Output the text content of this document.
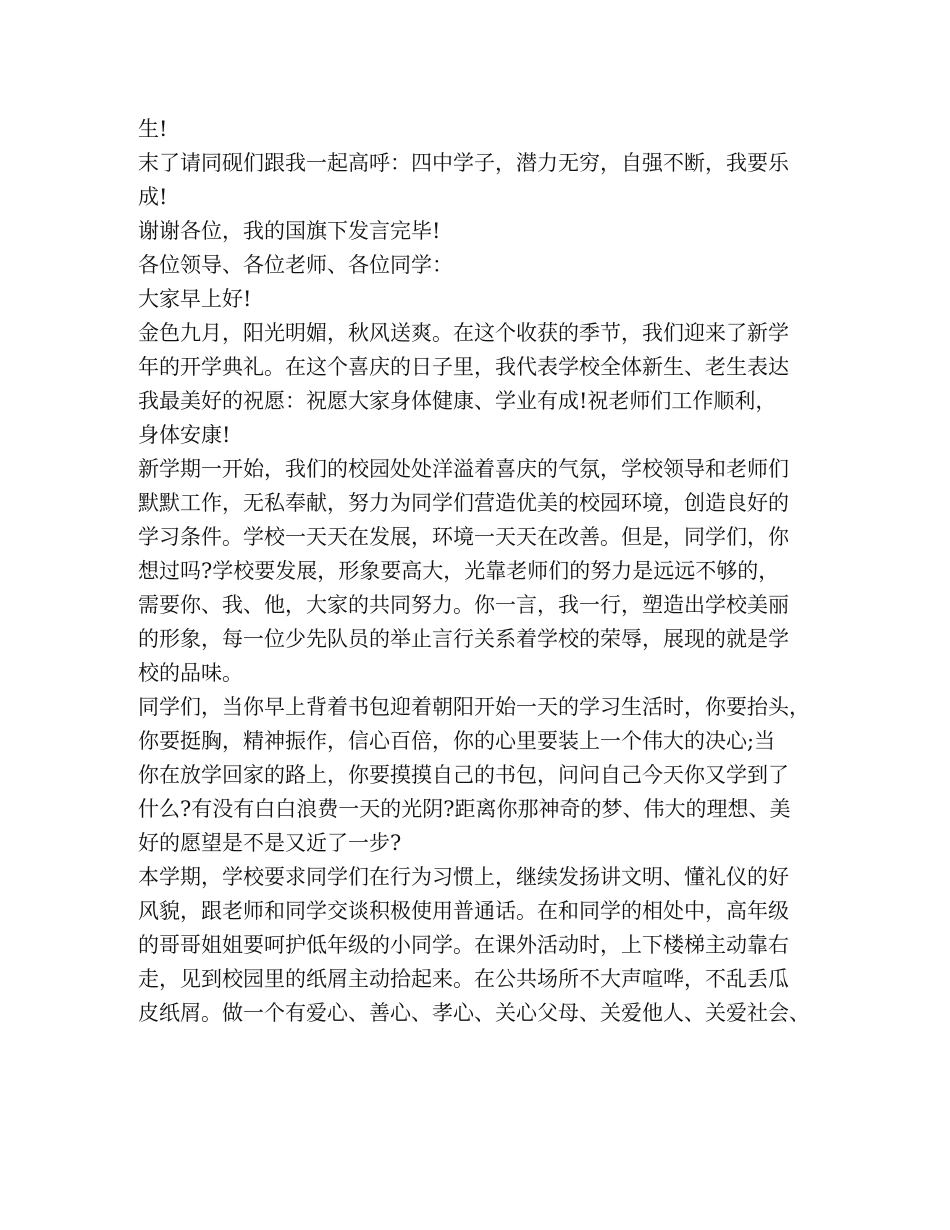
生!

末了请同砚们跟我一起高呼：四中学子，潜力无穷，自强不断，我要乐

成!

谢谢各位，我的国旗下发言完毕!

各位领导、各位老师、各位同学：

大家早上好!

金色九月，阳光明媚，秋风送爽。在这个收获的季节，我们迎来了新学

年的开学典礼。在这个喜庆的日子里，我代表学校全体新生、老生表达

我最美好的祝愿：祝愿大家身体健康、学业有成!祝老师们工作顺利，

身体安康!

新学期一开始，我们的校园处处洋溢着喜庆的气氛，学校领导和老师们

默默工作，无私奉献，努力为同学们营造优美的校园环境，创造良好的

学习条件。学校一天天在发展，环境一天天在改善。但是，同学们，你

想过吗?学校要发展，形象要高大，光靠老师们的努力是远远不够的，

需要你、我、他，大家的共同努力。你一言，我一行，塑造出学校美丽

的形象，每一位少先队员的举止言行关系着学校的荣辱，展现的就是学

校的品味。

同学们，当你早上背着书包迎着朝阳开始一天的学习生活时，你要抬头，

你要挺胸，精神振作，信心百倍，你的心里要装上一个伟大的决心;当

你在放学回家的路上，你要摸摸自己的书包，问问自己今天你又学到了

什么?有没有白白浪费一天的光阴?距离你那神奇的梦、伟大的理想、美

好的愿望是不是又近了一步?

本学期，学校要求同学们在行为习惯上，继续发扬讲文明、懂礼仪的好

风貌，跟老师和同学交谈积极使用普通话。在和同学的相处中，高年级

的哥哥姐姐要呵护低年级的小同学。在课外活动时，上下楼梯主动靠右

走，见到校园里的纸屑主动拾起来。在公共场所不大声喧哗，不乱丢瓜

皮纸屑。做一个有爱心、善心、孝心、关心父母、关爱他人、关爱社会、
